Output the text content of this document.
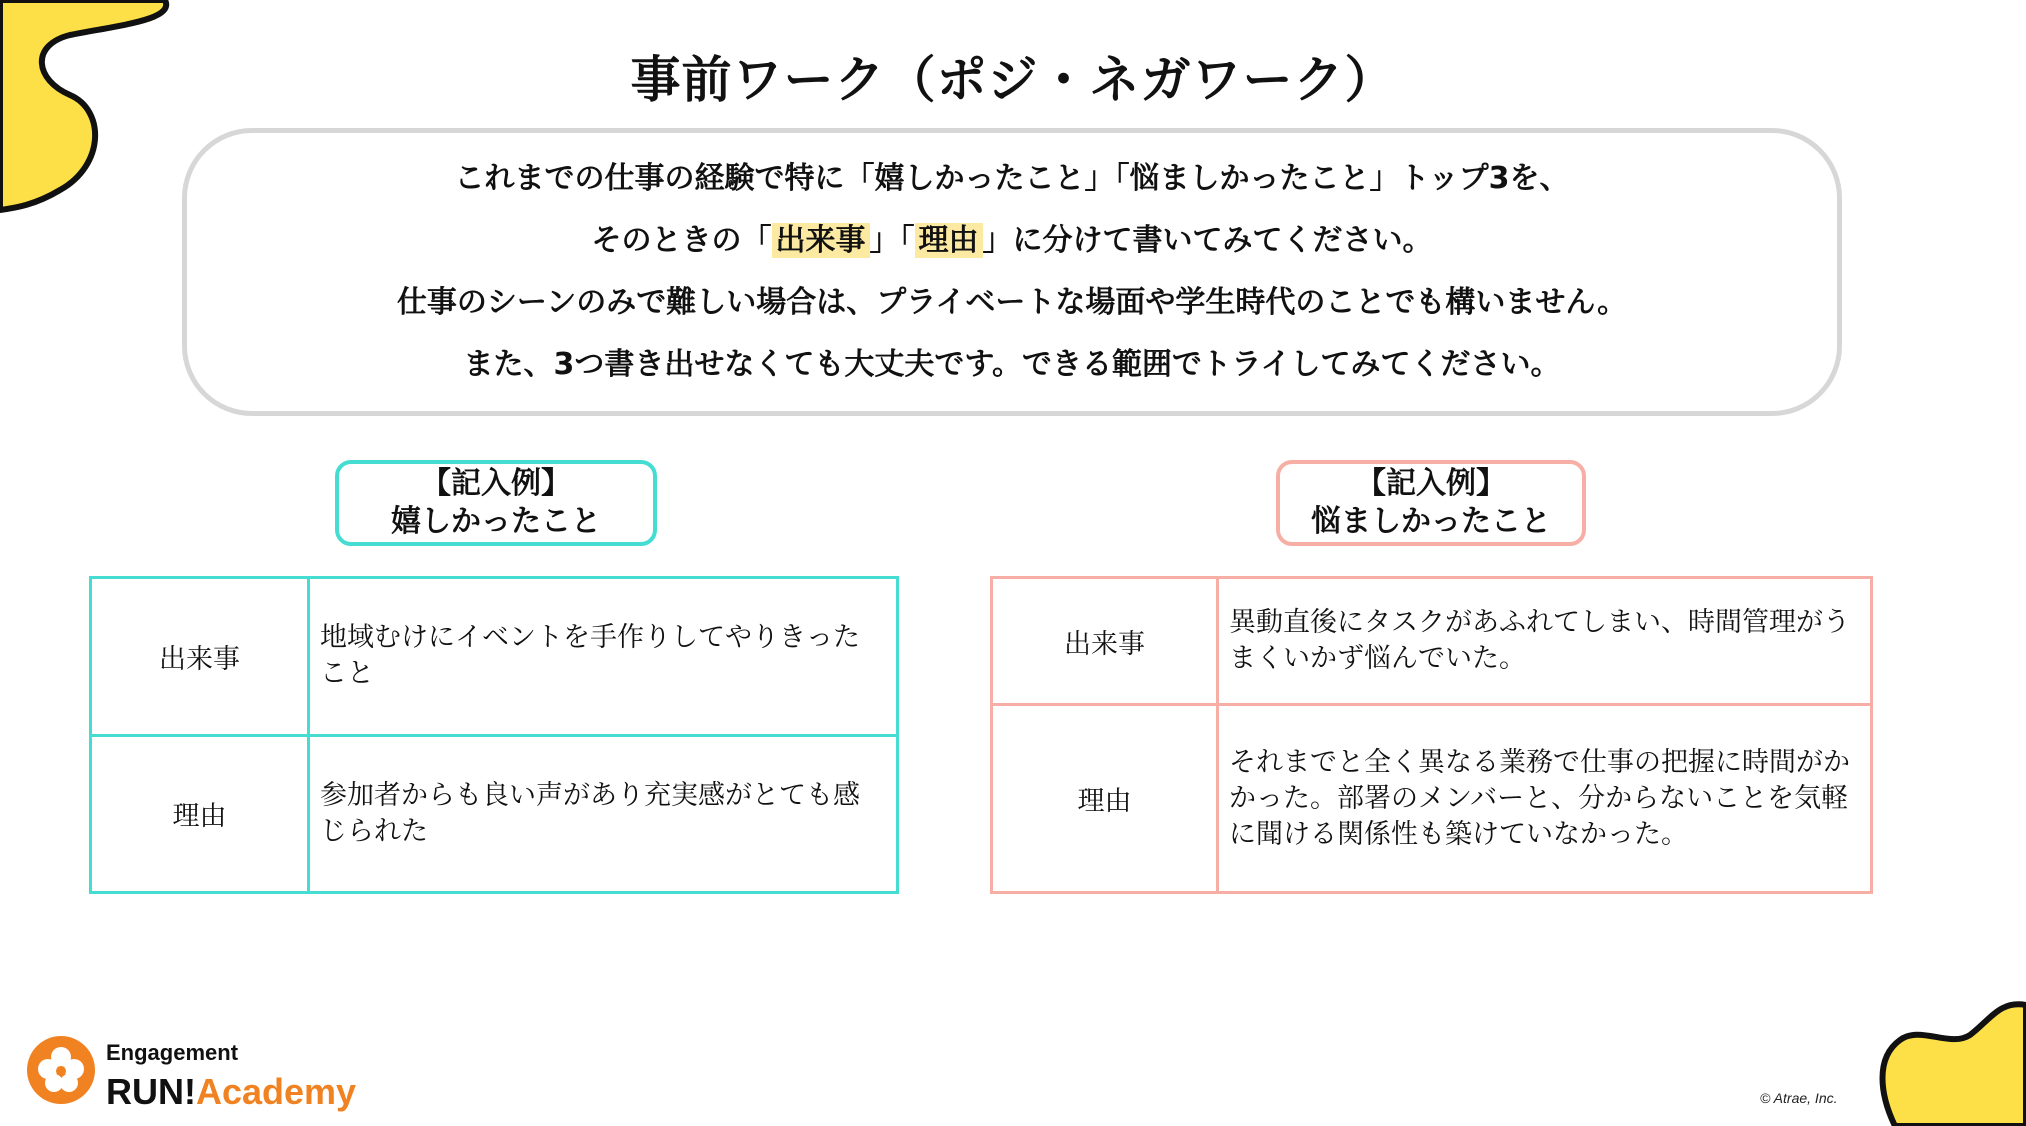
事前ワーク（ポジ・ネガワーク）

これまでの仕事の経験で特に「嬉しかったこと」「悩ましかったこと」トップ3を、

そのときの「 出来事 」「 理由 」に分けて書いてみてください。

仕事のシーンのみで難しい場合は、プライベートな場面や学生時代のことでも構いません。

また、3つ書き出せなくても大丈夫です。できる範囲でトライしてみてください。

【記入例】
嬉しかったこと
【記入例】
悩ましかったこと
出来事	地域むけにイベントを手作りしてやりきったこと
理由	参加者からも良い声があり充実感がとても感じられた
出来事	異動直後にタスクがあふれてしまい、時間管理がうまくいかず悩んでいた。
理由	それまでと全く異なる業務で仕事の把握に時間がかかった。部署のメンバーと、分からないことを気軽に聞ける関係性も築けていなかった。
Engagement
RUN!Academy	© Atrae, Inc.
